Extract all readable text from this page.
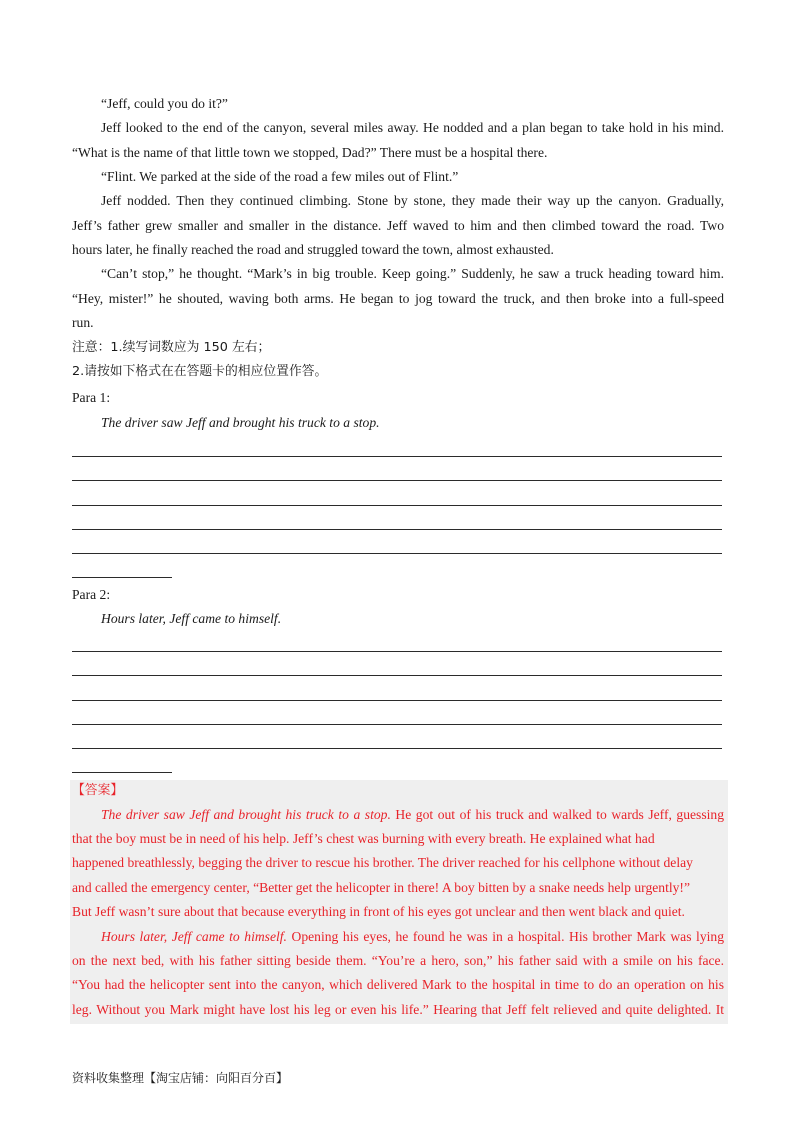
“Jeff, could you do it?”
Jeff looked to the end of the canyon, several miles away. He nodded and a plan began to take hold in his mind.
“What is the name of that little town we stopped, Dad?” There must be a hospital there.
“Flint. We parked at the side of the road a few miles out of Flint.”
Jeff nodded. Then they continued climbing. Stone by stone, they made their way up the canyon. Gradually,
Jeff’s father grew smaller and smaller in the distance. Jeff waved to him and then climbed toward the road. Two
hours later, he finally reached the road and struggled toward the town, almost exhausted.
“Can’t stop,” he thought. “Mark’s in big trouble. Keep going.” Suddenly, he saw a truck heading toward him.
“Hey, mister!” he shouted, waving both arms. He began to jog toward the truck, and then broke into a full-speed
run.
注意：1.续写词数应为 150 左右；
2.请按如下格式在在答题卡的相应位置作答。
Para 1:
The driver saw Jeff and brought his truck to a stop.
Para 2:
Hours later, Jeff came to himself.
【答案】
The driver saw Jeff and brought his truck to a stop. He got out of his truck and walked to wards Jeff, guessing
that the boy must be in need of his help. Jeff’s chest was burning with every breath. He explained what had
happened breathlessly, begging the driver to rescue his brother. The driver reached for his cellphone without delay
and called the emergency center, “Better get the helicopter in there! A boy bitten by a snake needs help urgently!”
But Jeff wasn’t sure about that because everything in front of his eyes got unclear and then went black and quiet.
Hours later, Jeff came to himself. Opening his eyes, he found he was in a hospital. His brother Mark was lying
on the next bed, with his father sitting beside them. “You’re a hero, son,” his father said with a smile on his face.
“You had the helicopter sent into the canyon, which delivered Mark to the hospital in time to do an operation on his
leg. Without you Mark might have lost his leg or even his life.” Hearing that Jeff felt relieved and quite delighted. It
资料收集整理【淘宝店铺：向阳百分百】
